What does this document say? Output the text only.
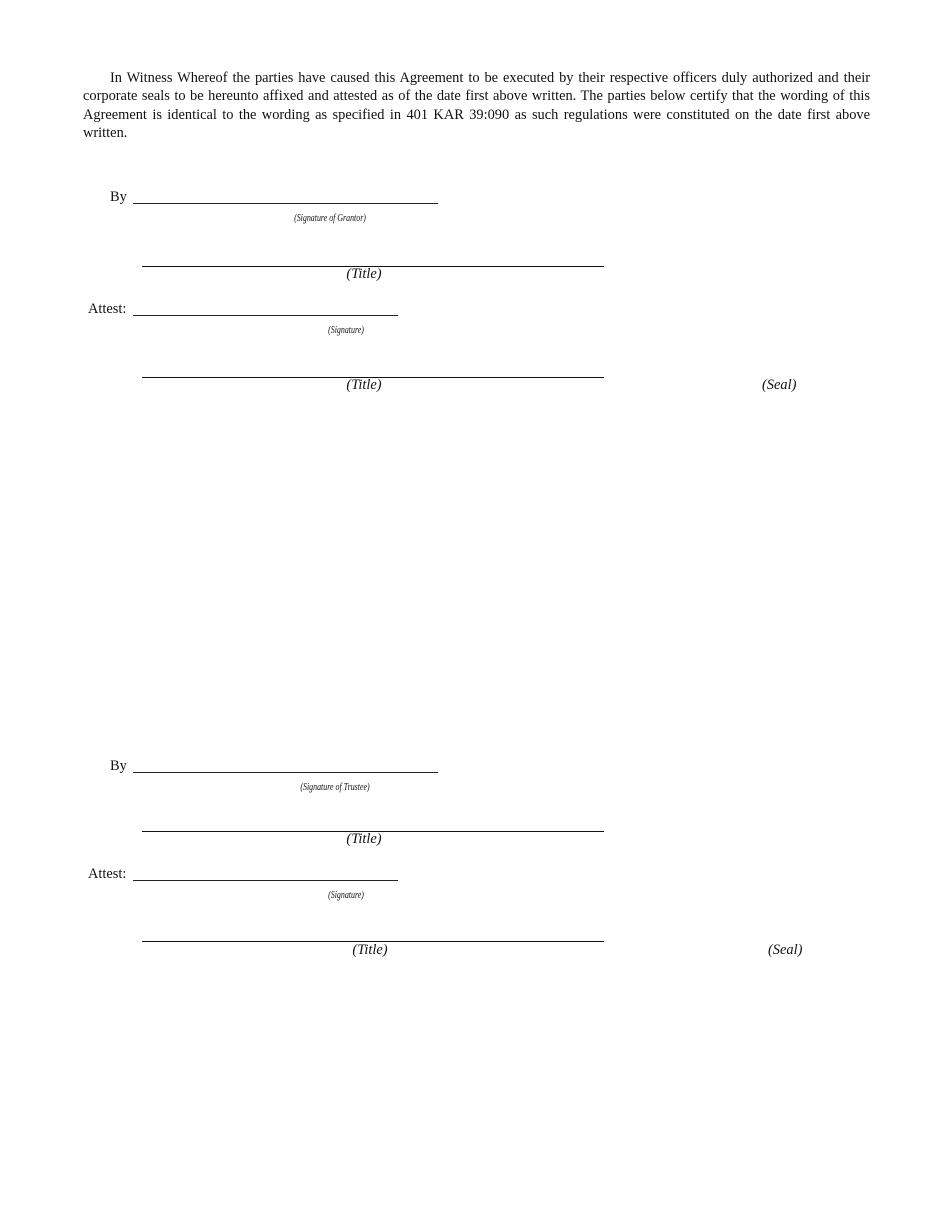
In Witness Whereof the parties have caused this Agreement to be executed by their respective officers duly authorized and their corporate seals to be hereunto affixed and attested as of the date first above written. The parties below certify that the wording of this Agreement is identical to the wording as specified in 401 KAR 39:090 as such regulations were constituted on the date first above written.

By
(Signature of Grantor)
(Title)
Attest:
(Signature)
(Title)	(Seal)
By
(Signature of Trustee)
(Title)
Attest:
(Signature)
(Title)	(Seal)
